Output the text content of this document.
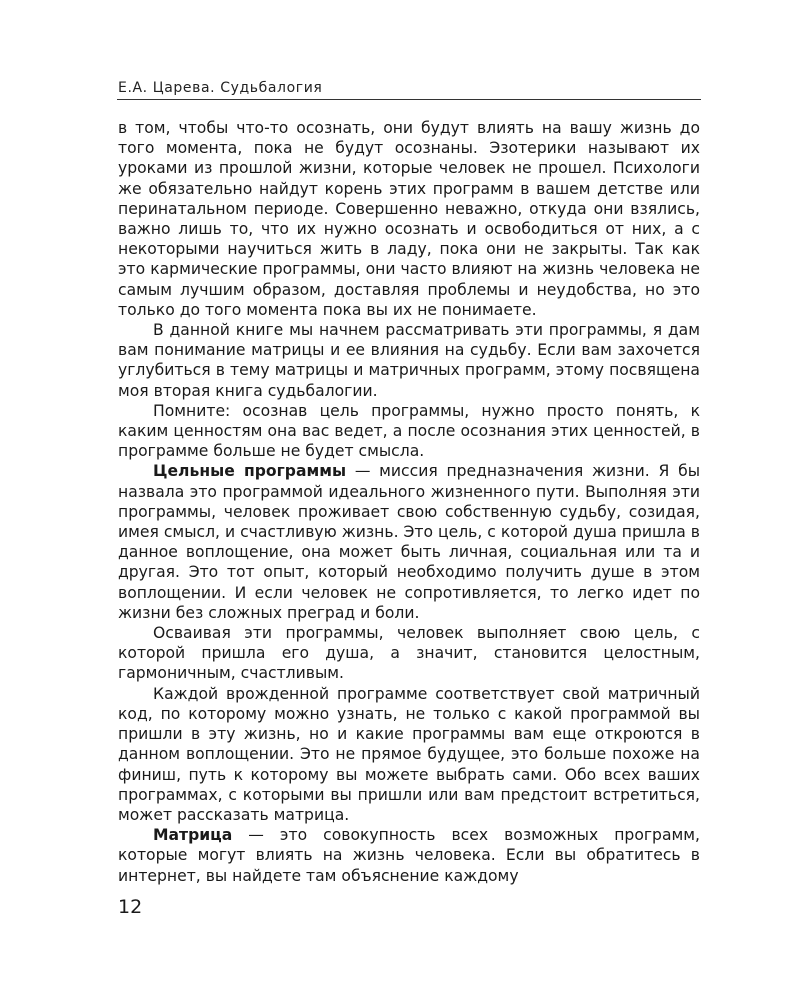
Е.А. Царева. Судьбалогия

в том, чтобы что-то осознать, они будут влиять на вашу жизнь до того момента, пока не будут осознаны. Эзотерики называют их уроками из прошлой жизни, которые человек не прошел. Психологи же обязательно найдут корень этих программ в вашем детстве или перинатальном периоде. Совершенно неважно, откуда они взялись, важно лишь то, что их нужно осознать и освободиться от них, а с некоторыми научиться жить в ладу, пока они не закрыты. Так как это кармические программы, они часто влияют на жизнь человека не самым лучшим образом, доставляя проблемы и неудобства, но это только до того момента пока вы их не понимаете.

В данной книге мы начнем рассматривать эти программы, я дам вам понимание матрицы и ее влияния на судьбу. Если вам захочется углубиться в тему матрицы и матричных программ, этому посвящена моя вторая книга судьбалогии.

Помните: осознав цель программы, нужно просто понять, к каким ценностям она вас ведет, а после осознания этих ценностей, в программе больше не будет смысла.

Цельные программы — миссия предназначения жизни. Я бы назвала это программой идеального жизненного пути. Выполняя эти программы, человек проживает свою собственную судьбу, созидая, имея смысл, и счастливую жизнь. Это цель, с которой душа пришла в данное воплощение, она может быть личная, социальная или та и другая. Это тот опыт, который необходимо получить душе в этом воплощении. И если человек не сопротивляется, то легко идет по жизни без сложных преград и боли.

Осваивая эти программы, человек выполняет свою цель, с которой пришла его душа, а значит, становится целостным, гармоничным, счастливым.

Каждой врожденной программе соответствует свой матричный код, по которому можно узнать, не только с какой программой вы пришли в эту жизнь, но и какие программы вам еще откроются в данном воплощении. Это не прямое будущее, это больше похоже на финиш, путь к которому вы можете выбрать сами. Обо всех ваших программах, с которыми вы пришли или вам предстоит встретиться, может рассказать матрица.

Матрица — это совокупность всех возможных программ, которые могут влиять на жизнь человека. Если вы обратитесь в интернет, вы найдете там объяснение каждому

12
